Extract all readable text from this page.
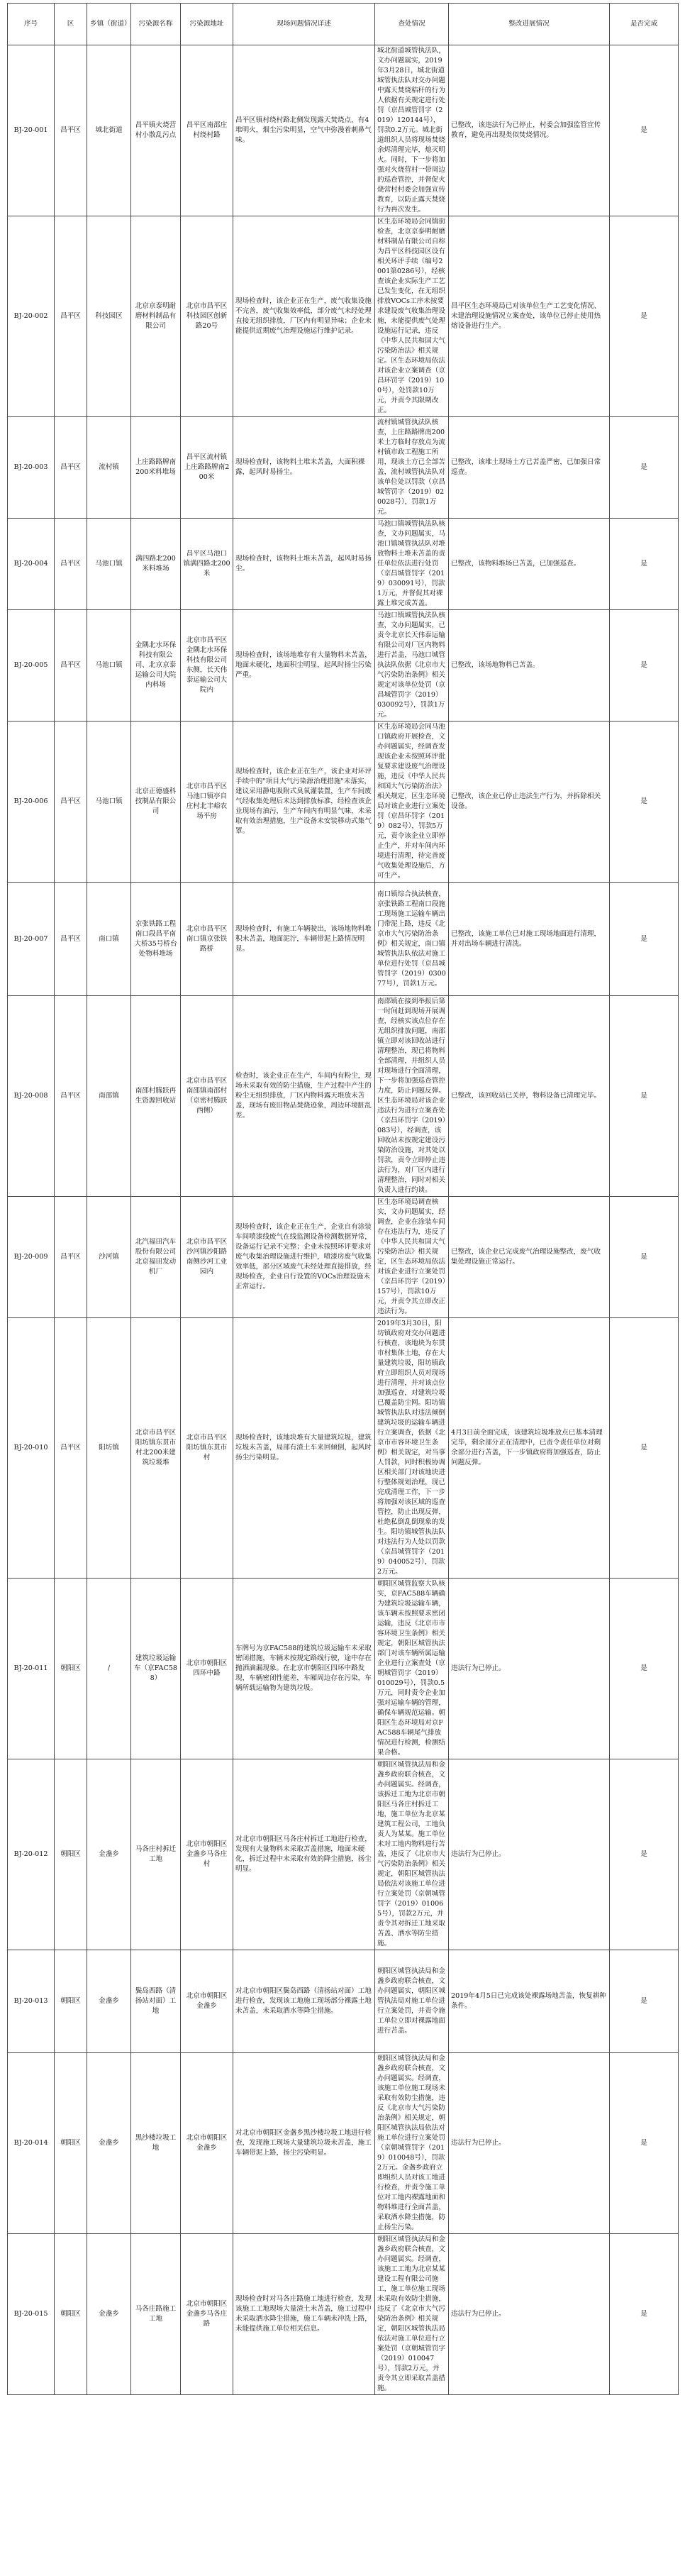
序号	区	乡镇（街道）	污染源名称	污染源地址	现场问题情况详述	查处情况	整改进展情况	是否完成
BJ-20-001	昌平区	城北街道	昌平镇火烧营村小散乱污点	昌平区南邵庄村绕村路	昌平区镇村绕村路北侧发现露天焚烧点，有4堆明火，烟尘污染明显，空气中弥漫着刺鼻气味。	城北街道城管执法队，文办问题属实，2019年3月28日，城北街道城管执法队对交办问题中露天焚烧秸秆的行为人依据有关规定进行处罚（京昌城管罚字（2019）120144号），罚款0.2万元。城北街道组织人员将现场焚烧余烬清理完毕，熄灭明火。同时，下一步将加强对火烧营村一带周边的巡查管控，并督促火烧营村村委会加强宣传教育，以防止露天焚烧行为再次发生。	已整改，该违法行为已停止，村委会加强监管宣传教育，避免再出现类似焚烧情况。	是
BJ-20-002	昌平区	科技园区	北京京泰明耐磨材料制品有限公司	北京市昌平区科技园区创新路20号	现场检查时，该企业正在生产，废气收集设施不完善，废气收集效率低，部分废气未经处理直接无组织排放，厂区内有明显异味；企业未能提供近期废气治理设施运行维护记录。	区生态环境局会同镇街检查，北京京泰明耐磨材料制品有限公司自称为昌平区科技园区设有相关环评手续（编号2001第0286号），经核查该企业实际生产工艺已发生变化，在无组织排放VOCs工序未按要求建设废气收集治理设施，未能提供废气处理设施运行记录，违反《中华人民共和国大气污染防治法》相关规定。区生态环境局依法对该企业立案调查（京昌环罚字（2019）100号），处罚款10万元，并责令其限期改正。	昌平区生态环境局已对该单位生产工艺变化情况、未建治理设施情况立案查处，该单位已停止使用热熔设备进行生产。	是
BJ-20-003	昌平区	流村镇	上庄路路牌南200米料堆场	昌平区流村镇上庄路路牌南200米	现场检查时，该物料土堆未苫盖，大面积裸露，起风时易扬尘。	流村镇城管执法队核查，上庄路路牌南200米土方临时存放点为流村镇市政工程施工所用，现该土方已全部苫盖，流村城管执法队对该单位处以罚款（京昌城管罚字（2019）020028号），罚款1万元。	已整改，该堆土现场土方已苫盖严密，已加强日常巡查。	是
BJ-20-004	昌平区	马池口镇	满四路北200米料堆场	昌平区马池口镇满四路北200米	现场检查时，该物料土堆未苫盖，起风时易扬尘。	马池口镇城管执法队核查，文办问题属实，马池口镇城管执法队对堆放物料土堆未苫盖的责任单位依法进行处罚（京昌城管罚字（2019）030091号），罚款1万元，并督促其对裸露土堆完成苫盖。	已整改，该物料堆场已苫盖，已加强巡查。	是
BJ-20-005	昌平区	马池口镇	金隅北水环保科技有限公司、北京京泰运输公司大院内料场	北京市昌平区金隅北水环保科技有限公司东侧，长天伟泰运输公司大院内	现场检查时，该场地堆存有大量物料未苫盖，地面未硬化，地面积尘明显，起风时扬尘污染严重。	马池口镇城管执法队核查，文办问题属实，已责令北京长天伟泰运输有限公司对厂区内物料进行苫盖，马池口城管执法队依据《北京市大气污染防治条例》相关规定对该单位处罚（京昌城管罚字（2019）030092号），罚款1万元。	已整改，该场地物料已苫盖。	是
BJ-20-006	昌平区	马池口镇	北京正德盛科技制品有限公司	北京市昌平区马池口镇亭自庄村北丰峪农场平房	现场检查时，该企业正在生产，该企业对环评手续中的"项目大气污染源治理措施"未落实，建议采用静电吸附式臭氧灌装置，生产车间废气经收集处理后未达到排放标准，经检查该企业现场有油污，生产车间内有明显气味，未采取有效治理措施，生产设备未安装移动式集气罩。	区生态环境局会同马池口镇政府开展检查，文办问题属实，经调查发现该企业未按照环评批复要求建设废气治理设施，违反《中华人民共和国大气污染防治法》相关规定，区生态环境局对该企业进行立案处罚（京昌环罚字（2019）082号），罚款5万元，责令该企业立即停止生产，并对车间内环境进行清理，待完善废气收集处理设施后，方可生产。	已整改，该企业已停止违法生产行为，并拆除相关设备。	是
BJ-20-007	昌平区	南口镇	京张铁路工程南口段昌平南大桥35号桥台处物料堆场	北京市昌平区南口镇京张铁路桥	现场检查时，有施工车辆驶出，该场地物料堆积未苫盖，地面泥泞，车辆带泥上路情况明显。	南口镇综合执法核查，京张铁路工程南口段施工现场施工运输车辆出门带泥上路，违反《北京市大气污染防治条例》相关规定，南口镇城管执法队依法对施工单位进行处罚（京昌城管罚字（2019）030077号），罚款1万元。	已整改，该施工单位已对施工现场地面进行清理，并对出场车辆进行清洗。	是
BJ-20-008	昌平区	南邵镇	南邵村腾跃再生资源回收站	北京市昌平区南邵镇南邵村（京密村腾跃西侧）	检查时，该企业正在生产，车间内有粉尘，现场未采取有效的防尘措施，生产过程中产生的粉尘无组织排放，厂区内物料露天堆放未苫盖，现场有废旧物品焚烧迹象，周边环境脏乱差。	南邵镇在接到举报后第一时间赶到现场开展调查，经核实该点位存在无组织排放问题，南邵镇立即对该回收站进行清理整治，现已将物料全部清理，并组织人员对现场进行全面清理，下一步将加强巡查管控力度，防止问题反弹。区生态环境局对该企业违法行为进行立案查处（京昌环罚字（2019）083号），经调查，该回收站未按规定建设污染防治设施，对其处以罚款，责令立即停止违法行为，对厂区内进行清理整治，同时对相关负责人进行约谈。	已整改，该回收站已关停，物料设备已清理完毕。	是
BJ-20-009	昌平区	沙河镇	北汽福田汽车股份有限公司北京福田发动机厂	北京市昌平区沙河镇沙阳路南侧沙河工业园内	现场检查时，该企业正在生产，企业自有涂装车间喷漆线废气在线监测设备检测数据异常，设备运行记录不完整；企业未按照环评要求对废气收集治理设施进行维护，喷漆房废气收集效率低，部分区域废气未经处理直接排放，经现场检查，企业自行设置的VOCs治理设施未正常运行。	区生态环境局调查核实，文办问题属实，经调查，企业在涂装车间存在违法行为，违反了《中华人民共和国大气污染防治法》相关规定，区生态环境局依法对该企业进行立案处罚（京昌环罚字（2019）157号），罚款10万元，并责令其立即改正违法行为。	已整改，该企业已完成废气治理设施整改，废气收集处理设施正常运行。	是
BJ-20-010	昌平区	阳坊镇	北京市昌平区阳坊镇东贯市村北200米建筑垃圾堆	北京市昌平区阳坊镇东贯市村	现场检查时，该地块堆有大量建筑垃圾，建筑垃圾未苫盖，局部有渣土车来回倾倒，起风时扬尘污染明显。	2019年3月30日，阳坊镇政府对交办问题进行核查，该地块为东贯市村集体土地，存在大量建筑垃圾，阳坊镇政府立即组织人员对现场进行清理，并对该点位加强巡查，对建筑垃圾已覆盖防尘网。阳坊镇城管执法队对违法倾倒建筑垃圾的运输车辆进行立案调查，依据《北京市市容环境卫生条例》相关规定，对当事人罚款，同时积极协调区相关部门对该地块进行整体规划治理，现已完成清理工作，下一步将加强对该区域的巡查管控，防止出现反弹，杜绝私倒乱倒现象的发生。阳坊镇城管执法队对违法行为人处以罚款（京昌城管罚字（2019）040052号），罚款2万元。	4月3日前全面完成，该建筑垃圾堆放点已基本清理完毕，剩余部分正在清理中，已责令责任单位对剩余部分进行苫盖，下一步镇政府将加强巡查，防止问题反弹。	是
BJ-20-011	朝阳区	/	建筑垃圾运输车（京FAC588）	北京市朝阳区四环中路	车牌号为京FAC588的建筑垃圾运输车未采取密闭措施，车辆未按规定路线行驶，途中存在抛洒滴漏现象。在北京市朝阳区四环中路发现，车辆密闭性能差，车厢周边存在污染，车辆所载运输物为建筑垃圾。	朝阳区城管监察大队核实，京FAC588车辆确为建筑垃圾运输车辆，该车辆未按照要求密闭运输，违反《北京市市容环境卫生条例》相关规定，朝阳区城管执法部门对该车辆所属运输企业进行立案查处（京朝城管罚字（2019）010029号），罚款0.5万元，同时责令企业加强对运输车辆的管理，确保车辆规范运输。朝阳区生态环境局对京FAC588车辆尾气排放情况进行检测，检测结果合格。	违法行为已停止。	是
BJ-20-012	朝阳区	金盏乡	马各庄村拆迁工地	北京市朝阳区金盏乡马各庄村	对北京市朝阳区马各庄村拆迁工地进行检查，发现有大量物料未采取苫盖措施，地面未硬化，拆迁过程中未采取有效的降尘措施，扬尘明显。	朝阳区城管执法局和金盏乡政府联合核查，文办问题属实。经调查，该拆迁工地为北京市朝阳区马各庄村拆迁工地，施工单位为北京某建筑工程公司，工地负责人为某某。施工单位未对工地内物料进行苫盖，违反了《北京市大气污染防治条例》相关规定，朝阳区城管执法局依法对该施工单位进行立案处罚（京朝城管罚字（2019）010065号），罚款2万元，并责令其对拆迁工地采取苫盖、洒水等防尘措施。	违法行为已停止。	是
BJ-20-013	朝阳区	金盏乡	鬓岛西路（清扬站对面）工地	北京市朝阳区金盏乡	对北京市朝阳区鬓岛西路（清扬站对面）工地进行检查，发现该工地施工现场部分裸露土地未苫盖，未采取洒水等降尘措施。	朝阳区城管执法局和金盏乡政府联合核查，文办问题属实，朝阳区城管执法局对施工单位进行立案处罚，并责令施工单位立即对裸露地面进行苫盖。	2019年4月5日已完成该处裸露场地苫盖，恢复耕种条件。	是
BJ-20-014	朝阳区	金盏乡	黑沙楼垃圾工地	北京市朝阳区金盏乡	对北京市朝阳区金盏乡黑沙楼垃圾工地进行检查，发现施工现场大量建筑垃圾未苫盖，施工车辆带泥上路，扬尘污染明显。	朝阳区城管执法局和金盏乡政府联合核查，文办问题属实。经调查，该施工单位施工现场未采取有效防尘措施，违反《北京市大气污染防治条例》相关规定，朝阳区城管执法局依法对施工单位进行立案处罚（京朝城管罚字（2019）010048号），罚款2万元。金盏乡政府立即组织人员对该工地进行检查，并责令施工单位对工地内裸露地面和物料堆进行全面苫盖，采取洒水降尘措施，防止扬尘污染。	违法行为已停止。	是
BJ-20-015	朝阳区	金盏乡	马各庄路施工工地	北京市朝阳区金盏乡马各庄路	现场检查时对马各庄路施工地进行检查，发现该施工工地现场大量渣土未苫盖，施工过程中未采取洒水降尘措施，施工车辆未冲洗上路，未能提供施工单位相关信息。	朝阳区城管执法局和金盏乡政府联合核查，文办问题属实。经调查，该施工工地为北京某某建设工程有限公司施工，施工单位施工现场未采取有效防尘措施，违反了《北京市大气污染防治条例》相关规定，朝阳区城管执法局依法对施工单位进行立案处罚（京朝城管罚字（2019）010047号），罚款2万元，并责令其立即采取苫盖措施。	违法行为已停止。	是
